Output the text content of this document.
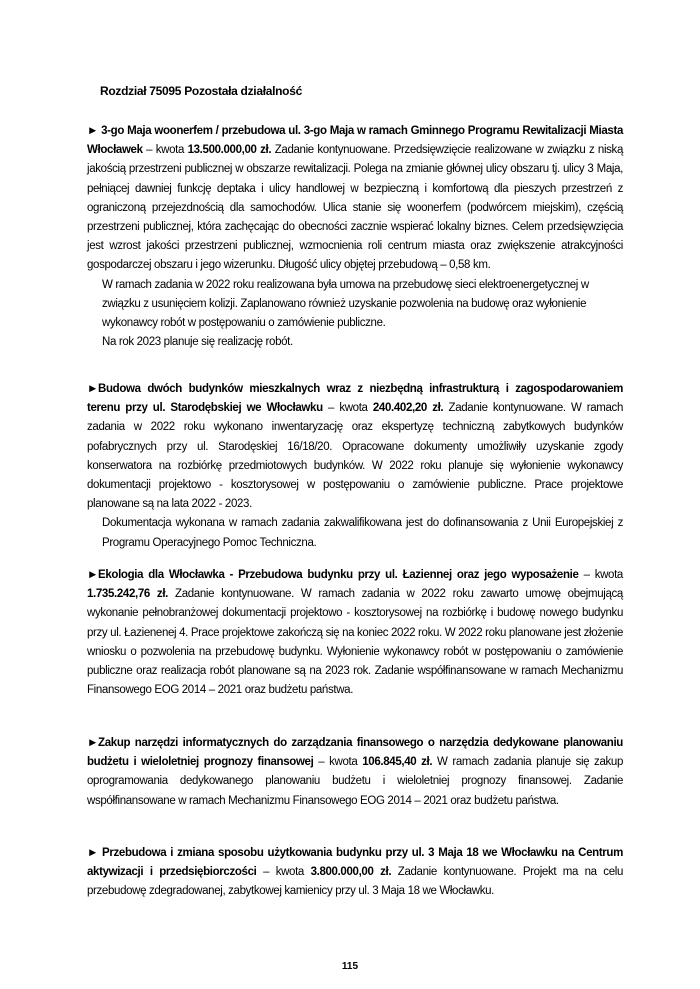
Rozdział 75095 Pozostała działalność

► 3-go Maja woonerfem / przebudowa ul. 3-go Maja w ramach Gminnego Programu Rewitalizacji Miasta Włocławek – kwota 13.500.000,00 zł. Zadanie kontynuowane. Przedsięwzięcie realizowane w związku z niską jakością przestrzeni publicznej w obszarze rewitalizacji. Polega na zmianie głównej ulicy obszaru tj. ulicy 3 Maja, pełniącej dawniej funkcję deptaka i ulicy handlowej w bezpieczną i komfortową dla pieszych przestrzeń z ograniczoną przejezdnością dla samochodów. Ulica stanie się woonerfem (podwórcem miejskim), częścią przestrzeni publicznej, która zachęcając do obecności zacznie wspierać lokalny biznes. Celem przedsięwzięcia jest wzrost jakości przestrzeni publicznej, wzmocnienia roli centrum miasta oraz zwiększenie atrakcyjności gospodarczej obszaru i jego wizerunku. Długość ulicy objętej przebudową – 0,58 km.

W ramach zadania w 2022 roku realizowana była umowa na przebudowę sieci elektroenergetycznej w związku z usunięciem kolizji. Zaplanowano również uzyskanie pozwolenia na budowę oraz wyłonienie wykonawcy robót w postępowaniu o zamówienie publiczne.

Na rok 2023 planuje się realizację robót.

►Budowa dwóch budynków mieszkalnych wraz z niezbędną infrastrukturą i zagospodarowaniem terenu przy ul. Starodębskiej we Włocławku – kwota 240.402,20 zł. Zadanie kontynuowane. W ramach zadania w 2022 roku wykonano inwentaryzację oraz ekspertyzę techniczną zabytkowych budynków pofabrycznych przy ul. Starodęskiej 16/18/20. Opracowane dokumenty umożliwiły uzyskanie zgody konserwatora na rozbiórkę przedmiotowych budynków. W 2022 roku planuje się wyłonienie wykonawcy dokumentacji projektowo - kosztorysowej w postępowaniu o zamówienie publiczne. Prace projektowe planowane są na lata 2022 - 2023.

Dokumentacja wykonana w ramach zadania zakwalifikowana jest do dofinansowania z Unii Europejskiej z Programu Operacyjnego Pomoc Techniczna.

►Ekologia dla Włocławka - Przebudowa budynku przy ul. Łaziennej oraz jego wyposażenie – kwota 1.735.242,76 zł. Zadanie kontynuowane. W ramach zadania w 2022 roku zawarto umowę obejmującą wykonanie pełnobranżowej dokumentacji projektowo - kosztorysowej na rozbiórkę i budowę nowego budynku przy ul. Łazienenej 4. Prace projektowe zakończą się na koniec 2022 roku. W 2022 roku planowane jest złożenie wniosku o pozwolenia na przebudowę budynku. Wyłonienie wykonawcy robót w postępowaniu o zamówienie publiczne oraz realizacja robót planowane są na 2023 rok. Zadanie współfinansowane w ramach Mechanizmu Finansowego EOG 2014 – 2021 oraz budżetu państwa.

►Zakup narzędzi informatycznych do zarządzania finansowego o narzędzia dedykowane planowaniu budżetu i wieloletniej prognozy finansowej – kwota 106.845,40 zł. W ramach zadania planuje się zakup oprogramowania dedykowanego planowaniu budżetu i wieloletniej prognozy finansowej. Zadanie współfinansowane w ramach Mechanizmu Finansowego EOG 2014 – 2021 oraz budżetu państwa.

► Przebudowa i zmiana sposobu użytkowania budynku przy ul. 3 Maja 18 we Włocławku na Centrum aktywizacji i przedsiębiorczości – kwota 3.800.000,00 zł. Zadanie kontynuowane. Projekt ma na celu przebudowę zdegradowanej, zabytkowej kamienicy przy ul. 3 Maja 18 we Włocławku.

115
